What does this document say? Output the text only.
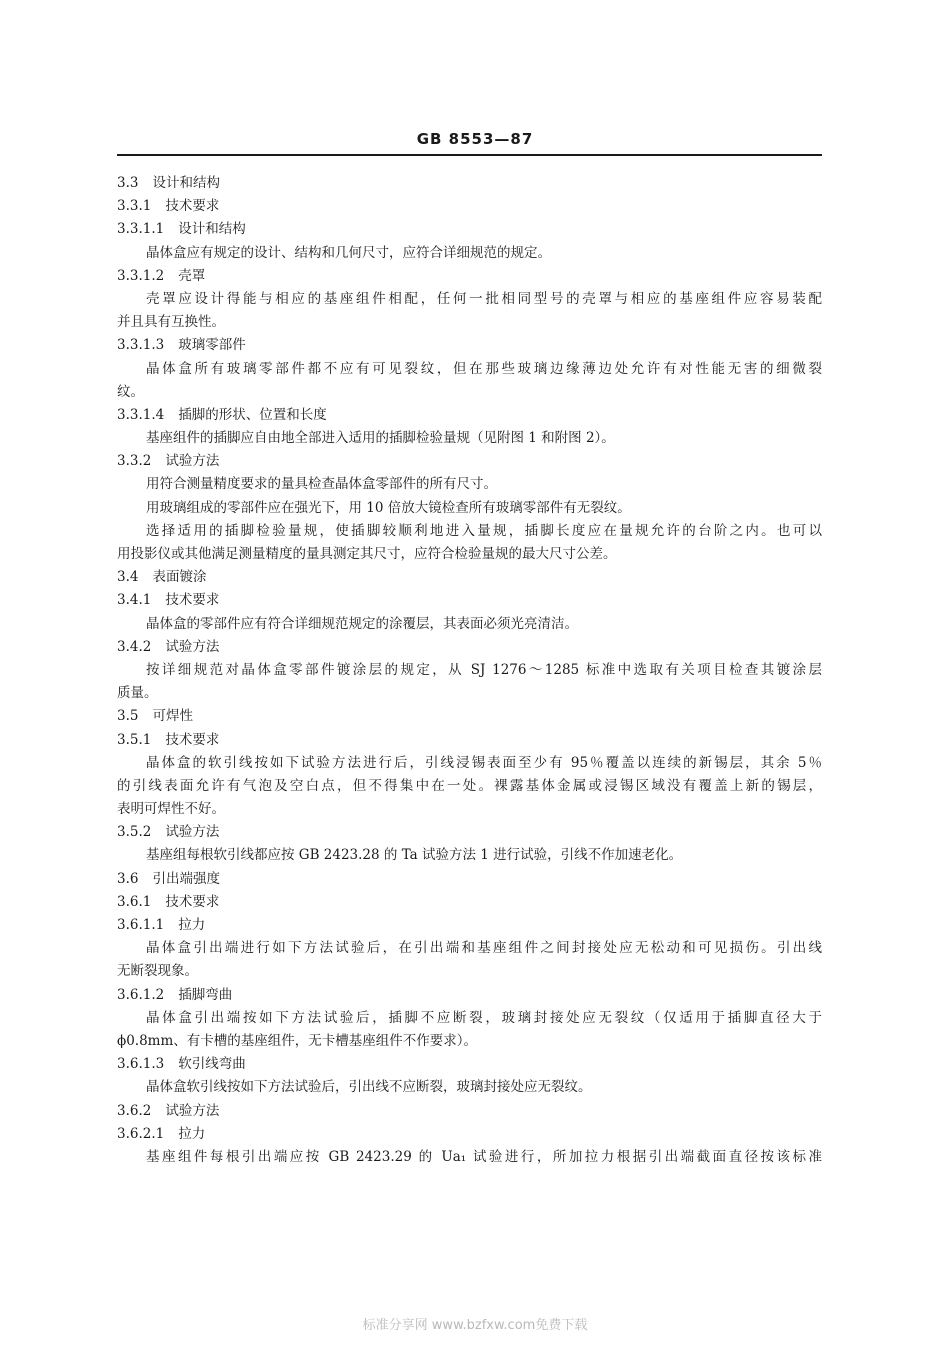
GB 8553—87
3.3 设计和结构
3.3.1 技术要求
3.3.1.1 设计和结构
晶体盒应有规定的设计、结构和几何尺寸，应符合详细规范的规定。
3.3.1.2 壳罩
壳罩应设计得能与相应的基座组件相配，任何一批相同型号的壳罩与相应的基座组件应容易装配
并且具有互换性。
3.3.1.3 玻璃零部件
晶体盒所有玻璃零部件都不应有可见裂纹，但在那些玻璃边缘薄边处允许有对性能无害的细微裂
纹。
3.3.1.4 插脚的形状、位置和长度
基座组件的插脚应自由地全部进入适用的插脚检验量规（见附图 1 和附图 2）。
3.3.2 试验方法
用符合测量精度要求的量具检查晶体盒零部件的所有尺寸。
用玻璃组成的零部件应在强光下，用 10 倍放大镜检查所有玻璃零部件有无裂纹。
选择适用的插脚检验量规，使插脚较顺利地进入量规，插脚长度应在量规允许的台阶之内。也可以
用投影仪或其他满足测量精度的量具测定其尺寸，应符合检验量规的最大尺寸公差。
3.4 表面镀涂
3.4.1 技术要求
晶体盒的零部件应有符合详细规范规定的涂覆层，其表面必须光亮清洁。
3.4.2 试验方法
按详细规范对晶体盒零部件镀涂层的规定，从 SJ 1276～1285 标准中选取有关项目检查其镀涂层
质量。
3.5 可焊性
3.5.1 技术要求
晶体盒的软引线按如下试验方法进行后，引线浸锡表面至少有 95％覆盖以连续的新锡层，其余 5％
的引线表面允许有气泡及空白点，但不得集中在一处。裸露基体金属或浸锡区域没有覆盖上新的锡层，
表明可焊性不好。
3.5.2 试验方法
基座组每根软引线都应按 GB 2423.28 的 Ta 试验方法 1 进行试验，引线不作加速老化。
3.6 引出端强度
3.6.1 技术要求
3.6.1.1 拉力
晶体盒引出端进行如下方法试验后，在引出端和基座组件之间封接处应无松动和可见损伤。引出线
无断裂现象。
3.6.1.2 插脚弯曲
晶体盒引出端按如下方法试验后，插脚不应断裂，玻璃封接处应无裂纹（仅适用于插脚直径大于
ϕ0.8mm、有卡槽的基座组件，无卡槽基座组件不作要求）。
3.6.1.3 软引线弯曲
晶体盒软引线按如下方法试验后，引出线不应断裂，玻璃封接处应无裂纹。
3.6.2 试验方法
3.6.2.1 拉力
基座组件每根引出端应按 GB 2423.29 的 Ua₁ 试验进行，所加拉力根据引出端截面直径按该标准
标准分享网 www.bzfxw.com免费下载
